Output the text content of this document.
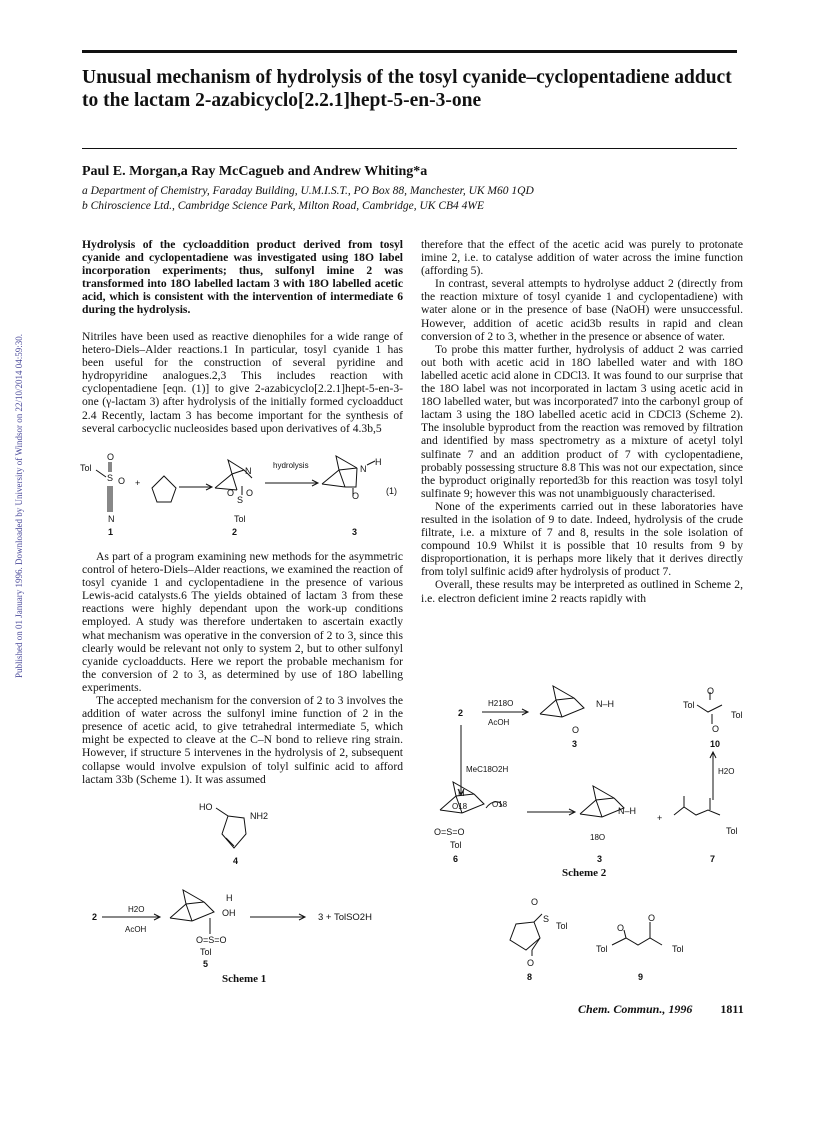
Published on 01 January 1996. Downloaded by University of Windsor on 22/10/2014 04:59:30.
Unusual mechanism of hydrolysis of the tosyl cyanide–cyclopentadiene adduct to the lactam 2-azabicyclo[2.2.1]hept-5-en-3-one
Paul E. Morgan,a Ray McCagueb and Andrew Whiting*a
a Department of Chemistry, Faraday Building, U.M.I.S.T., PO Box 88, Manchester, UK M60 1QD
b Chiroscience Ltd., Cambridge Science Park, Milton Road, Cambridge, UK CB4 4WE

Hydrolysis of the cycloaddition product derived from tosyl cyanide and cyclopentadiene was investigated using 18O label incorporation experiments; thus, sulfonyl imine 2 was transformed into 18O labelled lactam 3 with 18O labelled acetic acid, which is consistent with the intervention of intermediate 6 during the hydrolysis.

Nitriles have been used as reactive dienophiles for a wide range of hetero-Diels–Alder reactions.1 In particular, tosyl cyanide 1 has been useful for the construction of several pyridine and hydropyridine analogues.2,3 This includes reaction with cyclopentadiene [eqn. (1)] to give 2-azabicyclo[2.2.1]hept-5-en-3-one (γ-lactam 3) after hydrolysis of the initially formed cycloadduct 2.4 Recently, lactam 3 has become important for the synthesis of several carbocyclic nucleosides based upon derivatives of 4.3b,5

Tol
O
S O
N
1
+
N
O O
S
Tol
2
hydrolysis	N
H
O
3
(1)

As part of a program examining new methods for the asymmetric control of hetero-Diels–Alder reactions, we examined the reaction of tosyl cyanide 1 and cyclopentadiene in the presence of various Lewis-acid catalysts.6 The yields obtained of lactam 3 from these reactions were highly dependant upon the work-up conditions employed. A study was therefore undertaken to ascertain exactly what mechanism was operative in the conversion of 2 to 3, since this clearly would be relevant not only to system 2, but to other sulfonyl cyanide cycloadducts. Here we report the probable mechanism for the conversion of 2 to 3, as determined by use of 18O labelling experiments.

The accepted mechanism for the conversion of 2 to 3 involves the addition of water across the sulfonyl imine function of 2 in the presence of acetic acid, to give tetrahedral intermediate 5, which might be expected to cleave at the C–N bond to relieve ring strain. However, if structure 5 intervenes in the hydrolysis of 2, subsequent collapse would involve expulsion of tolyl sulfinic acid to afford lactam 33b (Scheme 1). It was assumed

HO
NH2
4
2
H2O
AcOH
H
OH
O=S=O
Tol
5
3 + TolSO2H
Scheme 1

therefore that the effect of the acetic acid was purely to protonate imine 2, i.e. to catalyse addition of water across the imine function (affording 5).

In contrast, several attempts to hydrolyse adduct 2 (directly from the reaction mixture of tosyl cyanide 1 and cyclopentadiene) with water alone or in the presence of base (NaOH) were unsuccessful. However, addition of acetic acid3b results in rapid and clean conversion of 2 to 3, whether in the presence or absence of water.

To probe this matter further, hydrolysis of adduct 2 was carried out both with acetic acid in 18O labelled water and with 18O labelled acetic acid alone in CDCl3. It was found to our surprise that the 18O label was not incorporated in lactam 3 using acetic acid in 18O labelled water, but was incorporated7 into the carbonyl group of lactam 3 using the 18O labelled acetic acid in CDCl3 (Scheme 2). The insoluble byproduct from the reaction was removed by filtration and identified by mass spectrometry as a mixture of acetyl tolyl sulfinate 7 and an addition product of 7 with cyclopentadiene, probably possessing structure 8.8 This was not our expectation, since the byproduct originally reported3b for this reaction was tosyl tolyl sulfinate 9; however this was not unambiguously characterised.

None of the experiments carried out in these laboratories have resulted in the isolation of 9 to date. Indeed, hydrolysis of the crude filtrate, i.e. a mixture of 7 and 8, results in the sole isolation of compound 10.9 Whilst it is possible that 10 results from 9 by disproportionation, it is perhaps more likely that it derives directly from tolyl sulfinic acid9 after hydrolysis of product 7.

Overall, these results may be interpreted as outlined in Scheme 2, i.e. electron deficient imine 2 reacts rapidly with

2
H218O
AcOH
N–H
O
3
Tol
Tol
O
O
10
MeC18O2H	H2O
H
O18	O18
O=S=O
Tol
6
N–H
18O
3
+
Tol
7
Scheme 2
O
S
Tol
O
8
O
O
Tol	Tol
9
Chem. Commun., 1996 1811
